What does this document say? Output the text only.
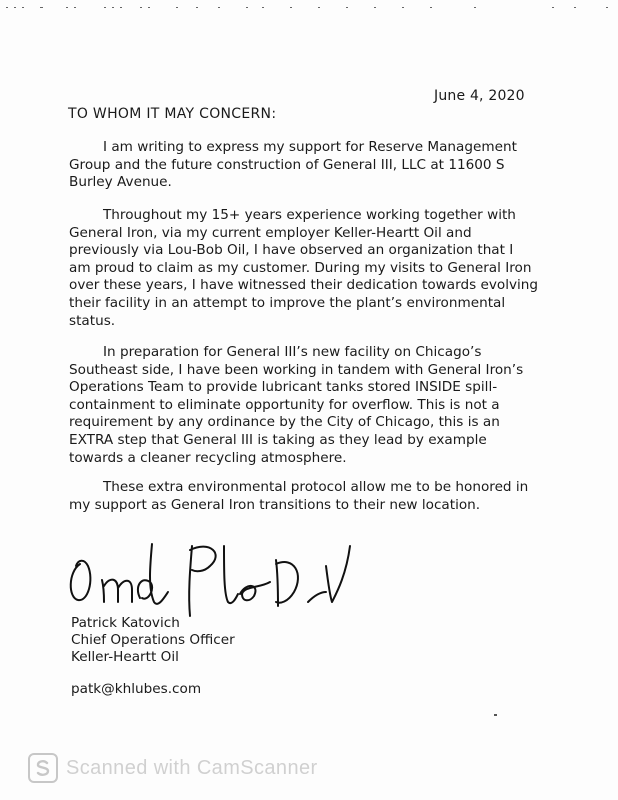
June 4, 2020
TO WHOM IT MAY CONCERN:

I am writing to express my support for Reserve Management Group and the future construction of General III, LLC at 11600 S Burley Avenue.

Throughout my 15+ years experience working together with General Iron, via my current employer Keller-Heartt Oil and previously via Lou-Bob Oil, I have observed an organization that I am proud to claim as my customer. During my visits to General Iron over these years, I have witnessed their dedication towards evolving their facility in an attempt to improve the plant’s environmental status.

In preparation for General III’s new facility on Chicago’s Southeast side, I have been working in tandem with General Iron’s Operations Team to provide lubricant tanks stored INSIDE spill-containment to eliminate opportunity for overflow. This is not a requirement by any ordinance by the City of Chicago, this is an EXTRA step that General III is taking as they lead by example towards a cleaner recycling atmosphere.

These extra environmental protocol allow me to be honored in my support as General Iron transitions to their new location.

Patrick Katovich
Chief Operations Officer
Keller-Heartt Oil
patk@khlubes.com
Scanned with CamScanner
